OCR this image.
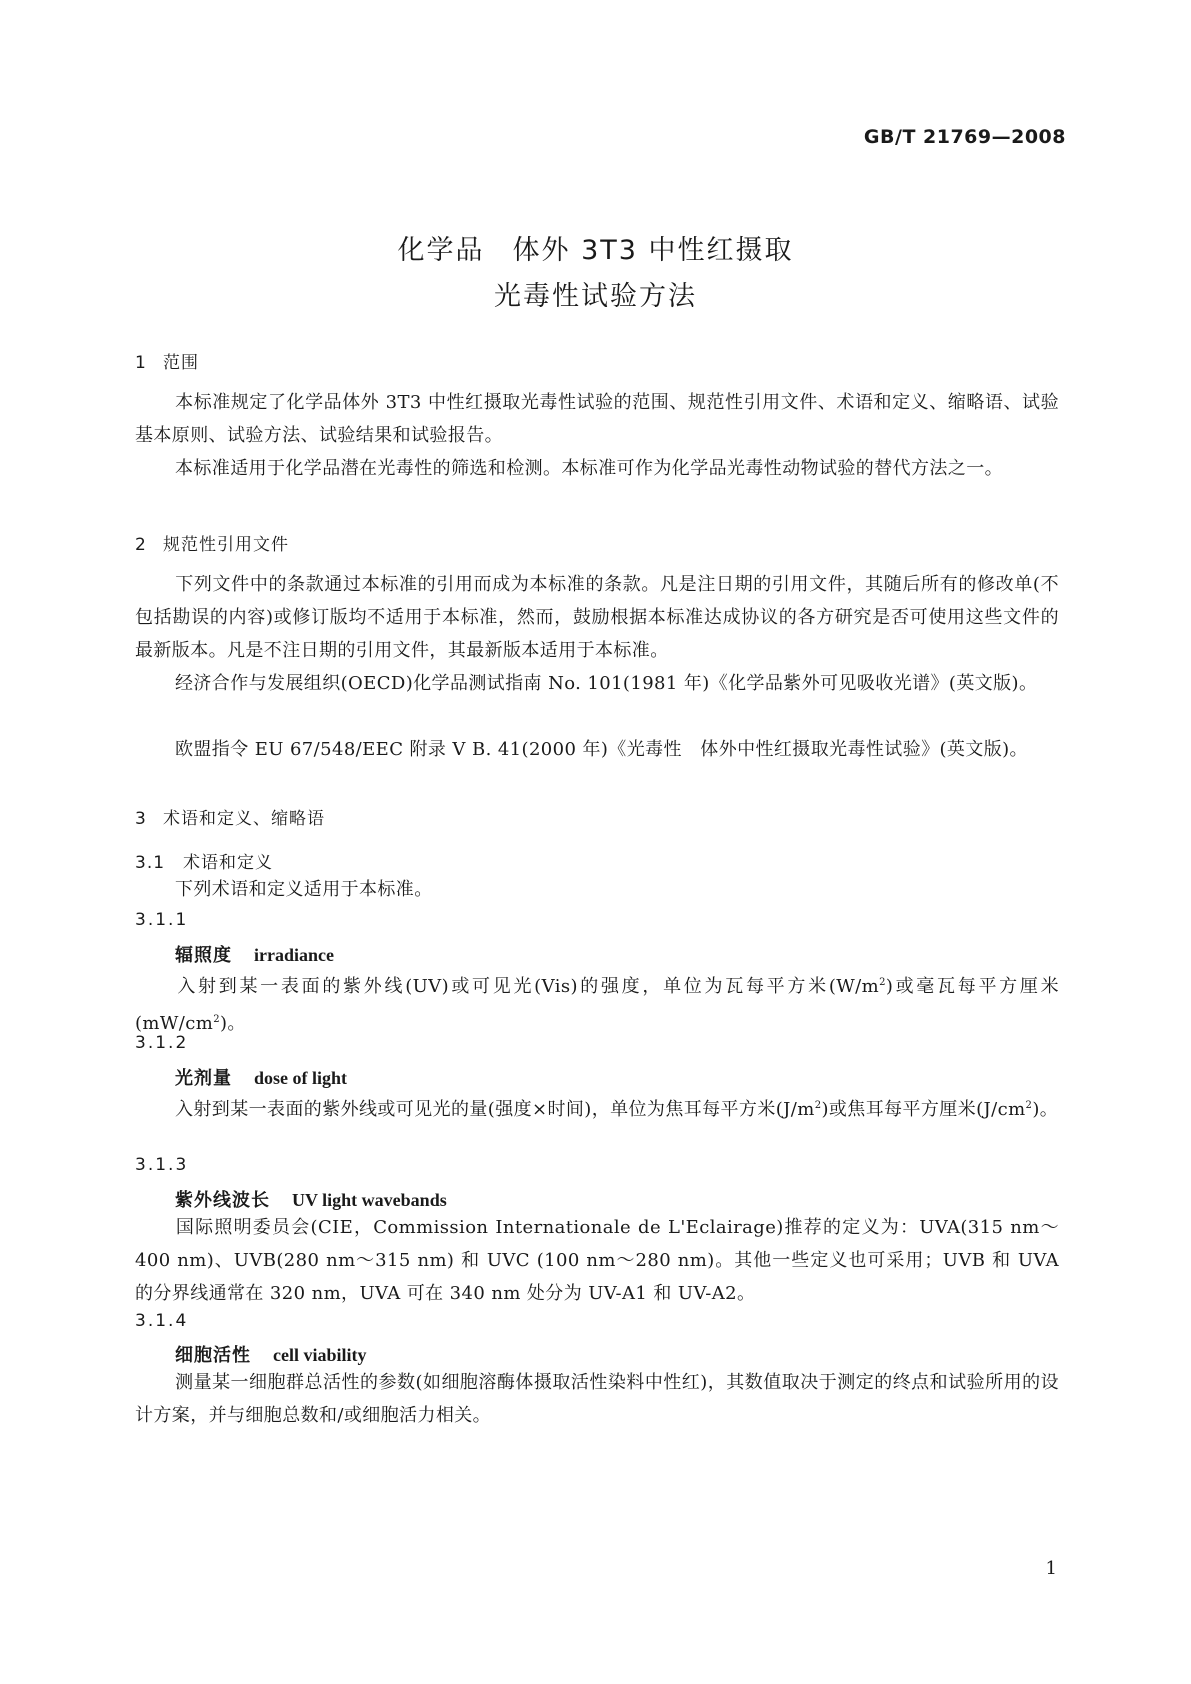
GB/T 21769—2008
化学品 体外 3T3 中性红摄取
光毒性试验方法
1 范围
本标准规定了化学品体外 3T3 中性红摄取光毒性试验的范围、规范性引用文件、术语和定义、缩略语、试验基本原则、试验方法、试验结果和试验报告。
本标准适用于化学品潜在光毒性的筛选和检测。本标准可作为化学品光毒性动物试验的替代方法之一。
2 规范性引用文件
下列文件中的条款通过本标准的引用而成为本标准的条款。凡是注日期的引用文件，其随后所有的修改单(不包括勘误的内容)或修订版均不适用于本标准，然而，鼓励根据本标准达成协议的各方研究是否可使用这些文件的最新版本。凡是不注日期的引用文件，其最新版本适用于本标准。
经济合作与发展组织(OECD)化学品测试指南 No. 101(1981 年)《化学品紫外可见吸收光谱》(英文版)。
欧盟指令 EU 67/548/EEC 附录 V B. 41(2000 年)《光毒性　体外中性红摄取光毒性试验》(英文版)。
3 术语和定义、缩略语
3.1 术语和定义
下列术语和定义适用于本标准。
3.1.1
辐照度 irradiance
入射到某一表面的紫外线(UV)或可见光(Vis)的强度，单位为瓦每平方米$(W/m^2)$或毫瓦每平方厘米$(mW/cm^2)$。
3.1.2
光剂量 dose of light
入射到某一表面的紫外线或可见光的量(强度×时间)，单位为焦耳每平方米$(J/m^2)$或焦耳每平方厘米$(J/cm^2)$。
3.1.3
紫外线波长 UV light wavebands
国际照明委员会(CIE，Commission Internationale de L'Eclairage)推荐的定义为：UVA(315 nm～400 nm)、UVB(280 nm～315 nm) 和 UVC (100 nm～280 nm)。其他一些定义也可采用；UVB 和 UVA 的分界线通常在 320 nm，UVA 可在 340 nm 处分为 UV-A1 和 UV-A2。
3.1.4
细胞活性 cell viability
测量某一细胞群总活性的参数(如细胞溶酶体摄取活性染料中性红)，其数值取决于测定的终点和试验所用的设计方案，并与细胞总数和/或细胞活力相关。
1
